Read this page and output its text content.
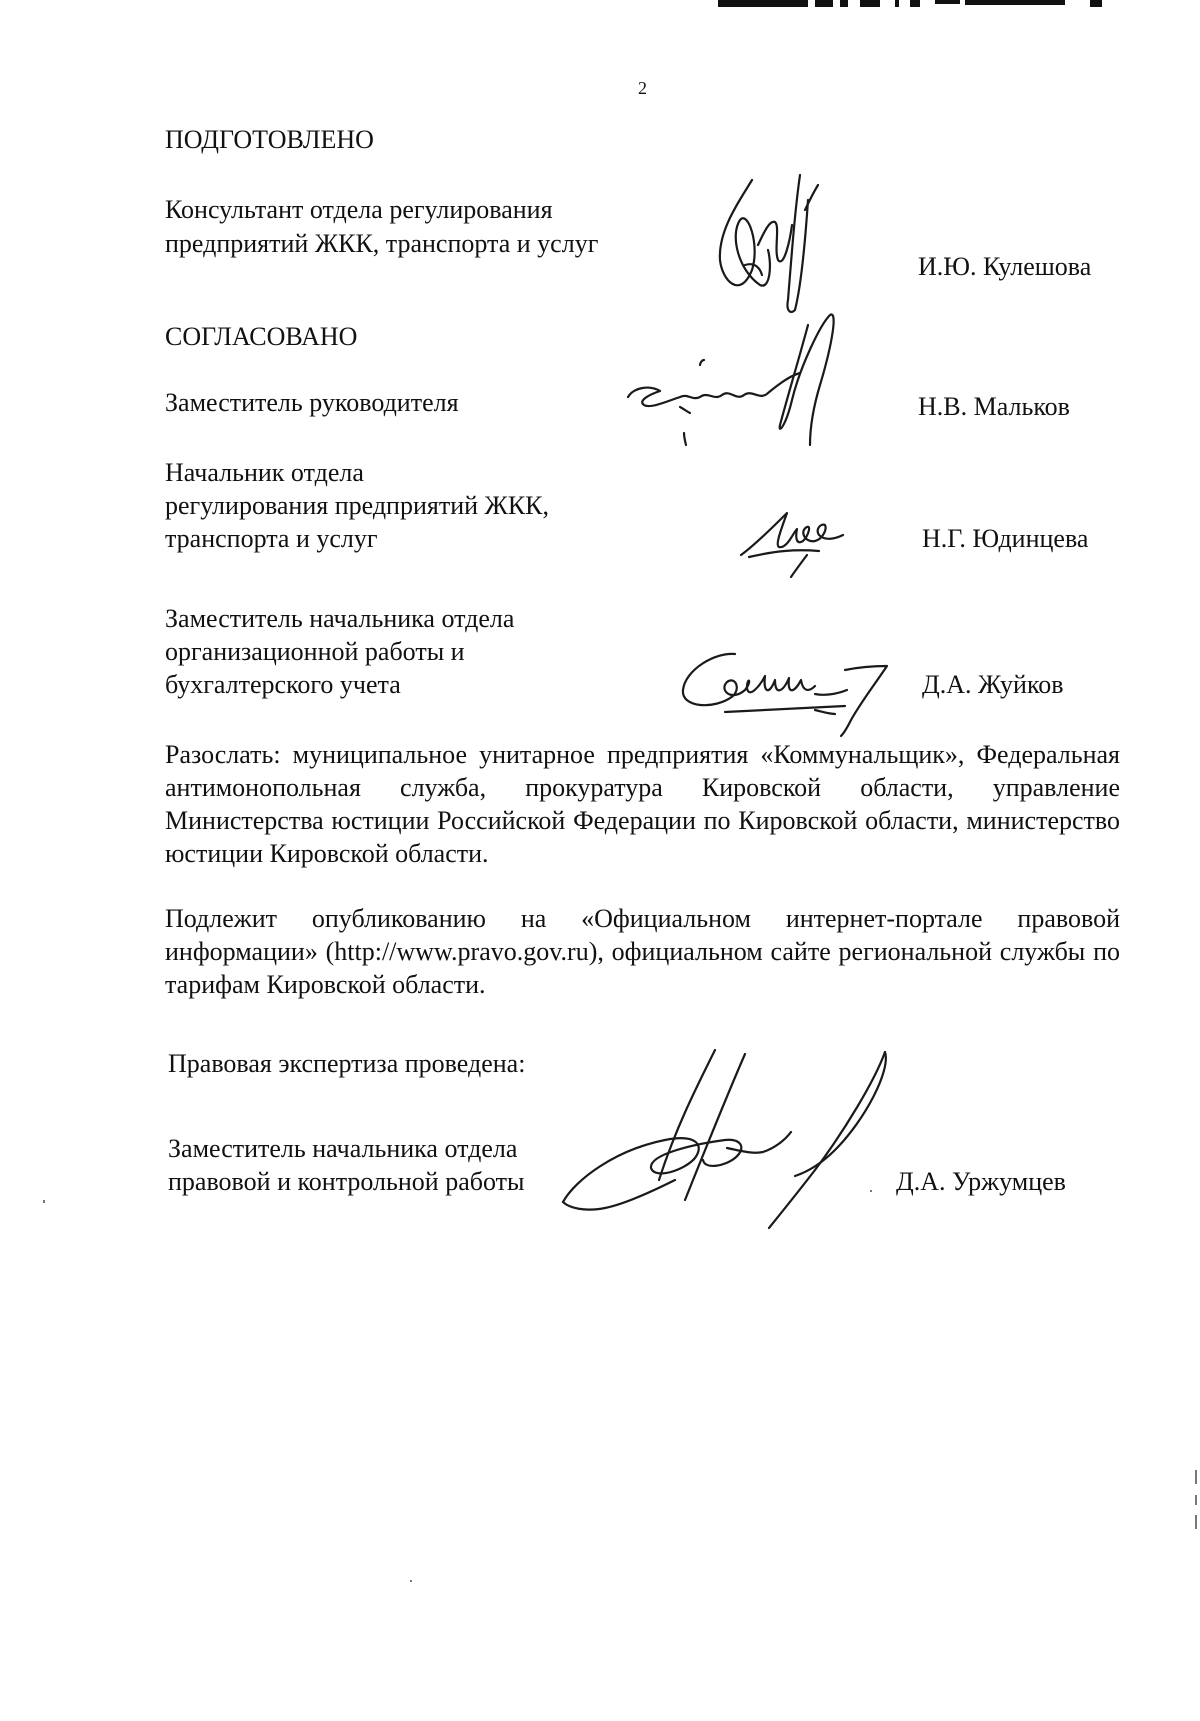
2
ПОДГОТОВЛЕНО
Консультант отдела регулирования
предприятий ЖКК, транспорта и услуг
И.Ю. Кулешова
СОГЛАСОВАНО
Заместитель руководителя	Н.В. Мальков
Начальник отдела
регулирования предприятий ЖКК,
транспорта и услуг	Н.Г. Юдинцева
Заместитель начальника отдела
организационной работы и
бухгалтерского учета	Д.А. Жуйков
Разослать: муниципальное унитарное предприятия «Коммунальщик», Федеральная антимонопольная служба, прокуратура Кировской области, управление Министерства юстиции Российской Федерации по Кировской области, министерство юстиции Кировской области.
Подлежит опубликованию на «Официальном интернет-портале правовой информации» (http://www.pravo.gov.ru), официальном сайте региональной службы по тарифам Кировской области.
Правовая экспертиза проведена:
Заместитель начальника отдела
правовой и контрольной работы	Д.А. Уржумцев
